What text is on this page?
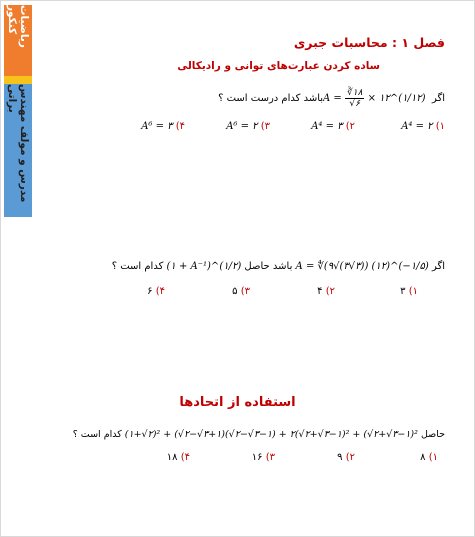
ریاضیات کنکور
مدرس و مولف مهندس براتی
فصل ۱ : محاسبات جبری
ساده کردن عبارت‌های توانی و رادیکالی
اگر $A = \frac{∛۱۸}{√۶}$ × ۱۲^(۱/۱۲) باشد کدام درست است ؟
۱) A⁴ = ۲
۲) A⁴ = ۳
۳) A⁶ = ۲
۴) A⁶ = ۳
اگر A = ∜(۹√(۳√۳)) (۱۲)^(−۱/۵) باشد حاصل (۱ + A⁻¹)^(۱/۲) کدام است ؟
۱) ۳
۲) ۴
۳) ۵
۴) ۶
استفاده از اتحادها
حاصل (۱+√۲)² + (√۲−√۳+۱)(√۲−√۳−۱) + ۲(√۲+√۳−۱)² + (√۲+√۳−۱)² کدام است ؟
۱) ۸
۲) ۹
۳) ۱۶
۴) ۱۸
